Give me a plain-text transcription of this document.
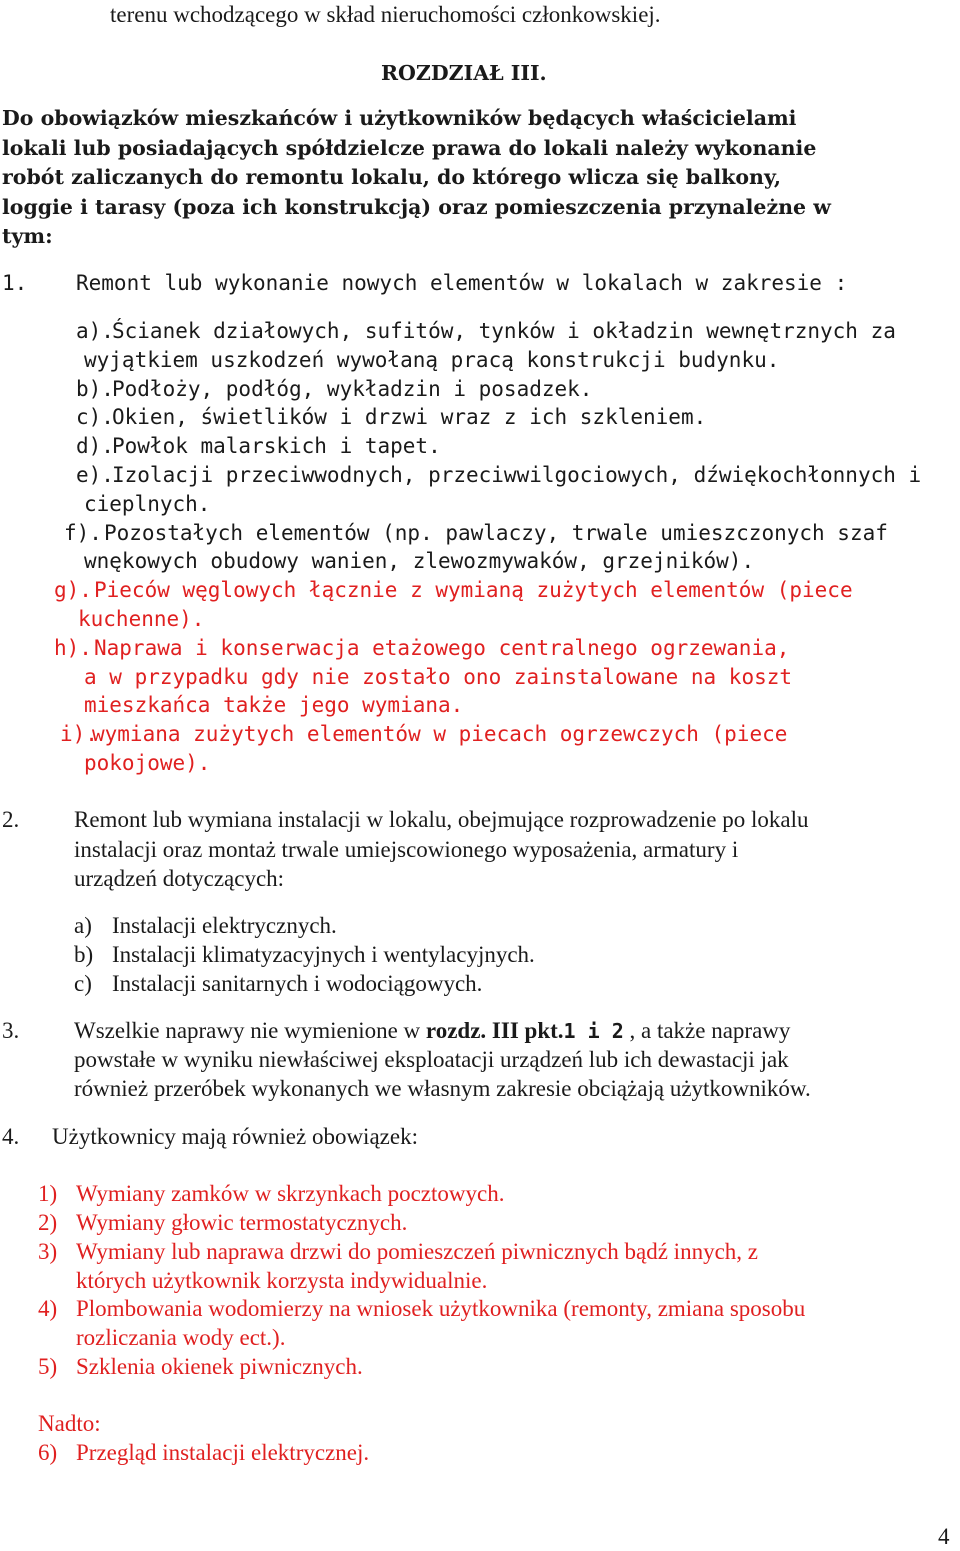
terenu wchodzącego w skład nieruchomości członkowskiej.
ROZDZIAŁ III.
Do obowiązków mieszkańców i użytkowników będących właścicielami
lokali lub posiadających spółdzielcze prawa do lokali należy wykonanie
robót zaliczanych do remontu lokalu, do którego wlicza się balkony,
loggie i tarasy (poza ich konstrukcją) oraz pomieszczenia przynależne w
tym:
1. Remont lub wykonanie nowych elementów w lokalach w zakresie :
a).
Ścianek działowych, sufitów, tynków i okładzin wewnętrznych za
wyjątkiem uszkodzeń wywołaną pracą konstrukcji budynku.
b).
Podłoży, podłóg, wykładzin i posadzek.
c).
Okien, świetlików i drzwi wraz z ich szkleniem.
d).
Powłok malarskich i tapet.
e).
Izolacji przeciwwodnych, przeciwwilgociowych, dźwiękochłonnych i
cieplnych.
f). Pozostałych elementów (np. pawlaczy, trwale umieszczonych szaf
wnękowych obudowy wanien, zlewozmywaków, grzejników).
g). Pieców węglowych łącznie z wymianą zużytych elementów (piece
kuchenne).
h). Naprawa i konserwacja etażowego centralnego ogrzewania,
a w przypadku gdy nie zostało ono zainstalowane na koszt
mieszkańca także jego wymiana.
i).
wymiana zużytych elementów w piecach ogrzewczych (piece
pokojowe).
2. Remont lub wymiana instalacji w lokalu, obejmujące rozprowadzenie po lokalu
instalacji oraz montaż trwale umiejscowionego wyposażenia, armatury i
urządzeń dotyczących:
a) Instalacji elektrycznych.
b) Instalacji klimatyzacyjnych i wentylacyjnych.
c) Instalacji sanitarnych i wodociągowych.
3. Wszelkie naprawy nie wymienione w rozdz. III pkt.1 i 2 , a także naprawy
powstałe w wyniku niewłaściwej eksploatacji urządzeń lub ich dewastacji jak
również przeróbek wykonanych we własnym zakresie obciążają użytkowników.
4. Użytkownicy mają również obowiązek:
1) Wymiany zamków w skrzynkach pocztowych.
2) Wymiany głowic termostatycznych.
3) Wymiany lub naprawa drzwi do pomieszczeń piwnicznych bądź innych, z
których użytkownik korzysta indywidualnie.
4) Plombowania wodomierzy na wniosek użytkownika (remonty, zmiana sposobu
rozliczania wody ect.).
5) Szklenia okienek piwnicznych.
Nadto:
6) Przegląd instalacji elektrycznej.
4
